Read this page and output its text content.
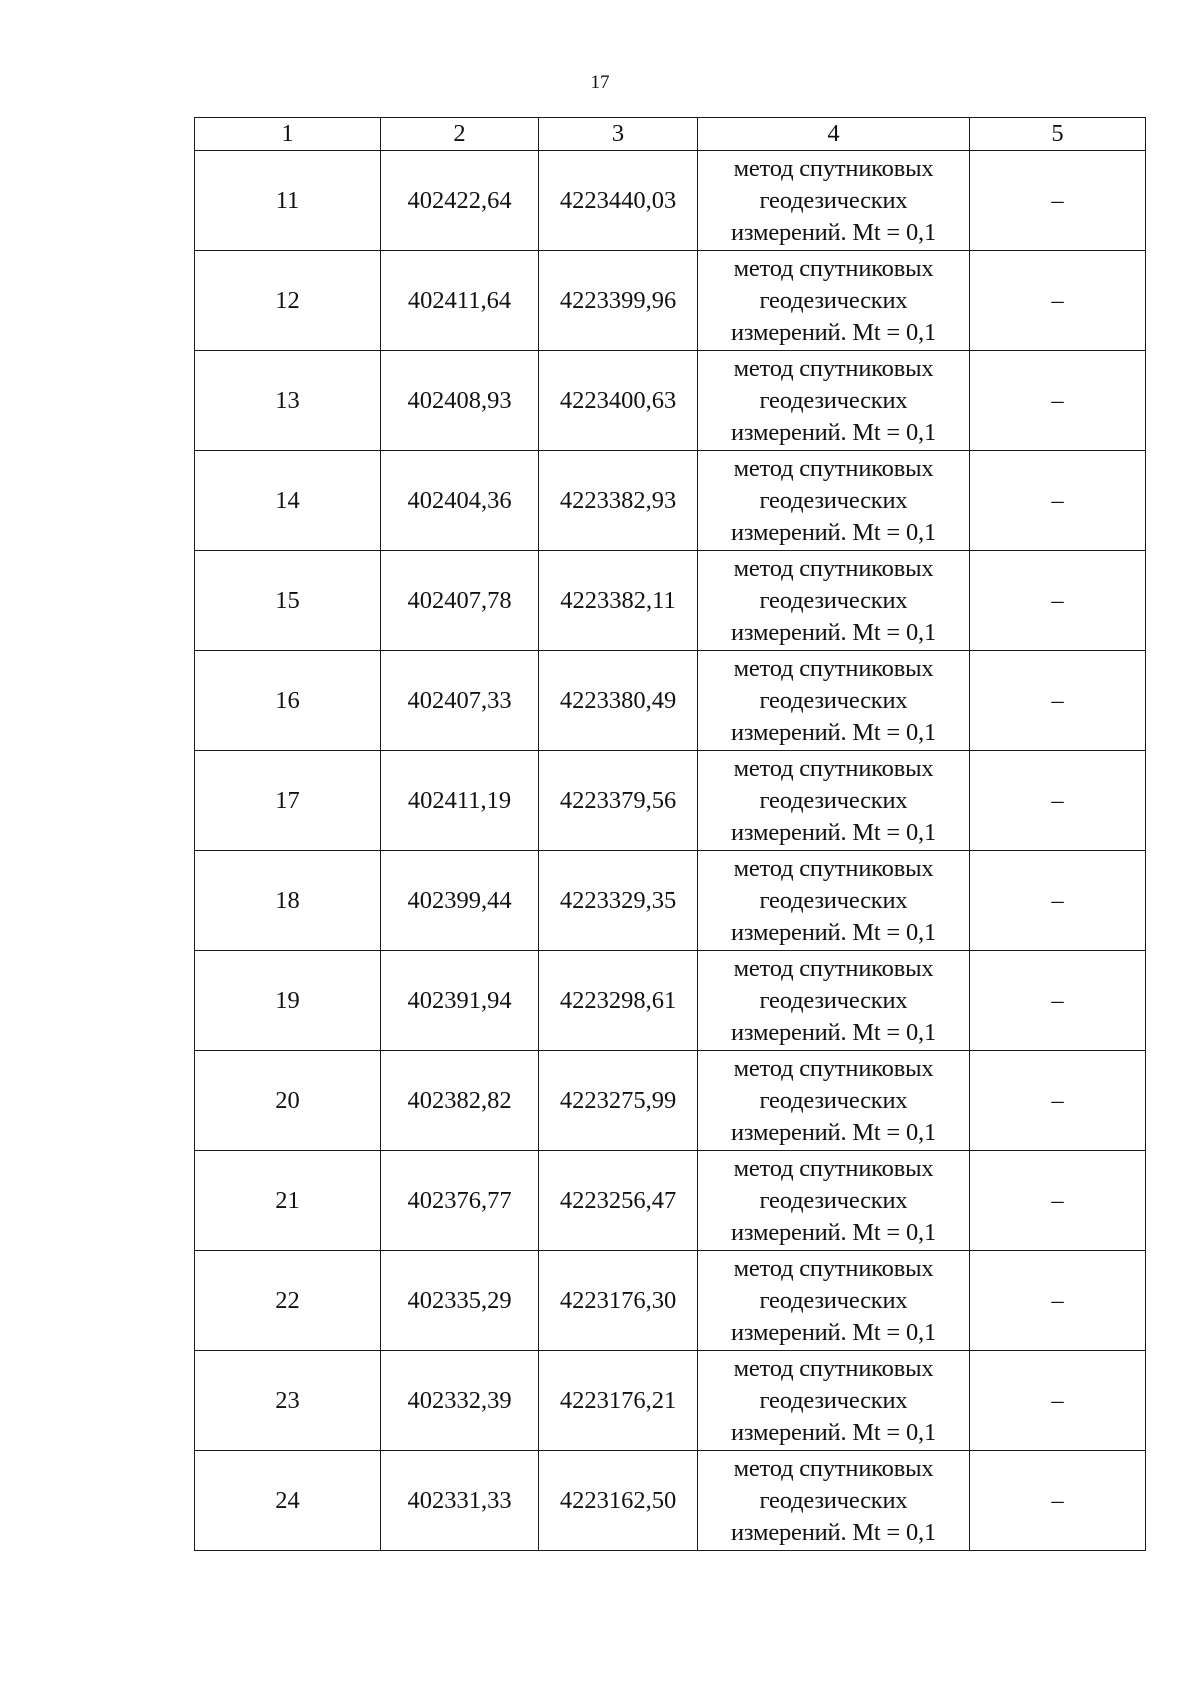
17
1	2	3	4	5
11	402422,64	4223440,03	метод спутниковых
геодезических
измерений. Mt = 0,1	–
12	402411,64	4223399,96	метод спутниковых
геодезических
измерений. Mt = 0,1	–
13	402408,93	4223400,63	метод спутниковых
геодезических
измерений. Mt = 0,1	–
14	402404,36	4223382,93	метод спутниковых
геодезических
измерений. Mt = 0,1	–
15	402407,78	4223382,11	метод спутниковых
геодезических
измерений. Mt = 0,1	–
16	402407,33	4223380,49	метод спутниковых
геодезических
измерений. Mt = 0,1	–
17	402411,19	4223379,56	метод спутниковых
геодезических
измерений. Mt = 0,1	–
18	402399,44	4223329,35	метод спутниковых
геодезических
измерений. Mt = 0,1	–
19	402391,94	4223298,61	метод спутниковых
геодезических
измерений. Mt = 0,1	–
20	402382,82	4223275,99	метод спутниковых
геодезических
измерений. Mt = 0,1	–
21	402376,77	4223256,47	метод спутниковых
геодезических
измерений. Mt = 0,1	–
22	402335,29	4223176,30	метод спутниковых
геодезических
измерений. Mt = 0,1	–
23	402332,39	4223176,21	метод спутниковых
геодезических
измерений. Mt = 0,1	–
24	402331,33	4223162,50	метод спутниковых
геодезических
измерений. Mt = 0,1	–
